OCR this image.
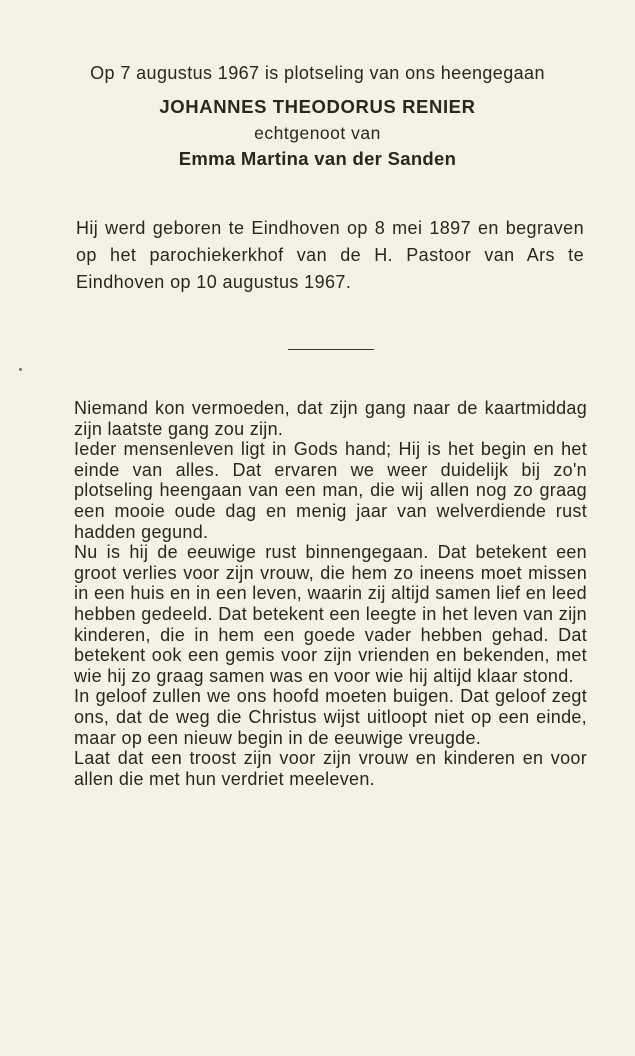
Op 7 augustus 1967 is plotseling van ons heengegaan
JOHANNES THEODORUS RENIER
echtgenoot van
Emma Martina van der Sanden
Hij werd geboren te Eindhoven op 8 mei 1897 en begraven op het parochiekerkhof van de H. Pastoor van Ars te Eindhoven op 10 augustus 1967.

Niemand kon vermoeden, dat zijn gang naar de kaartmiddag zijn laatste gang zou zijn.

Ieder mensenleven ligt in Gods hand; Hij is het begin en het einde van alles. Dat ervaren we weer duidelijk bij zo'n plotseling heengaan van een man, die wij allen nog zo graag een mooie oude dag en menig jaar van welverdiende rust hadden gegund.

Nu is hij de eeuwige rust binnengegaan. Dat betekent een groot verlies voor zijn vrouw, die hem zo ineens moet missen in een huis en in een leven, waarin zij altijd samen lief en leed hebben gedeeld. Dat betekent een leegte in het leven van zijn kinderen, die in hem een goede vader hebben gehad. Dat betekent ook een gemis voor zijn vrienden en bekenden, met wie hij zo graag samen was en voor wie hij altijd klaar stond.

In geloof zullen we ons hoofd moeten buigen. Dat geloof zegt ons, dat de weg die Christus wijst uitloopt niet op een einde, maar op een nieuw begin in de eeuwige vreugde.

Laat dat een troost zijn voor zijn vrouw en kinderen en voor allen die met hun verdriet meeleven.
